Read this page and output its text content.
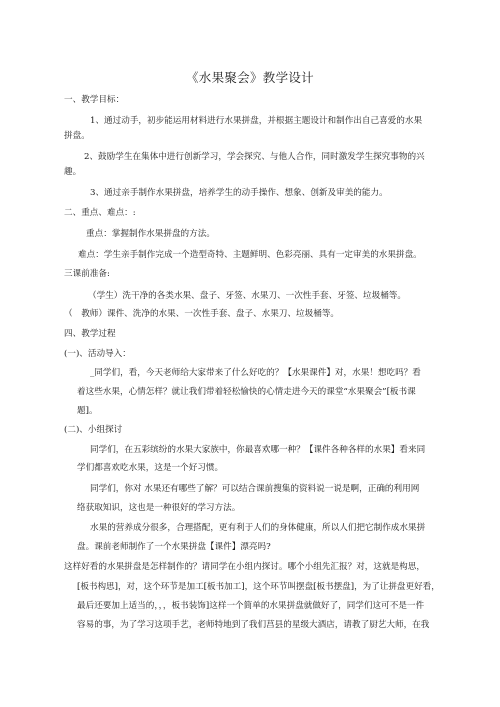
《水果聚会》教学设计
一、教学目标：
1、通过动手，初步能运用材料进行水果拼盘，并根据主题设计和制作出自己喜爱的水果
拼盘。
2、鼓励学生在集体中进行创新学习，学会探究、与他人合作，同时激发学生探究事物的兴
趣。
3、通过亲手制作水果拼盘，培养学生的动手操作、想象、创新及审美的能力。
二、重点、难点：:
重点：掌握制作水果拼盘的方法。
难点：学生亲手制作完成一个造型奇特、主题鲜明、色彩亮丽、具有一定审美的水果拼盘。
三课前准备:
（学生）洗干净的各类水果、盘子、牙签、水果刀、一次性手套、牙签、垃圾桶等。
（　教师）课件、洗净的水果、一次性手套、盘子、水果刀、垃圾桶等。
四、教学过程
(一)、活动导入：
_同学们，看，今天老师给大家带来了什么好吃的？【水果课件】对，水果！想吃吗？看
着这些水果，心情怎样？就让我们带着轻松愉快的心情走进今天的课堂“水果聚会”[板书课
题]。
(二)、小组探讨
同学们，在五彩缤纷的水果大家族中，你最喜欢哪一种？【课件各种各样的水果】看来同
学们都喜欢吃水果，这是一个好习惯。
同学们，你对 水果还有哪些了解？可以结合课前搜集的资料说一说是啊，正确的利用网
络获取知识，这也是一种很好的学习方法。
水果的营养成分很多，合理搭配，更有利于人们的身体健康，所以人们把它制作成水果拼
盘。课前老师制作了一个水果拼盘【课件】漂亮吗?
这样好看的水果拼盘是怎样制作的？请同学在小组内探讨。哪个小组先汇报？对，这就是构思，
[板书构思]，对，这个环节是加工[板书加工]，这个环节叫摆盘[板书摆盘]，为了让拼盘更好看，
最后还要加上适当的，，，板书装饰]这样一个简单的水果拼盘就做好了，同学们这可不是一件
容易的事，为了学习这项手艺，老师特地到了我们莒县的星级大酒店，请教了厨艺大师，在我
